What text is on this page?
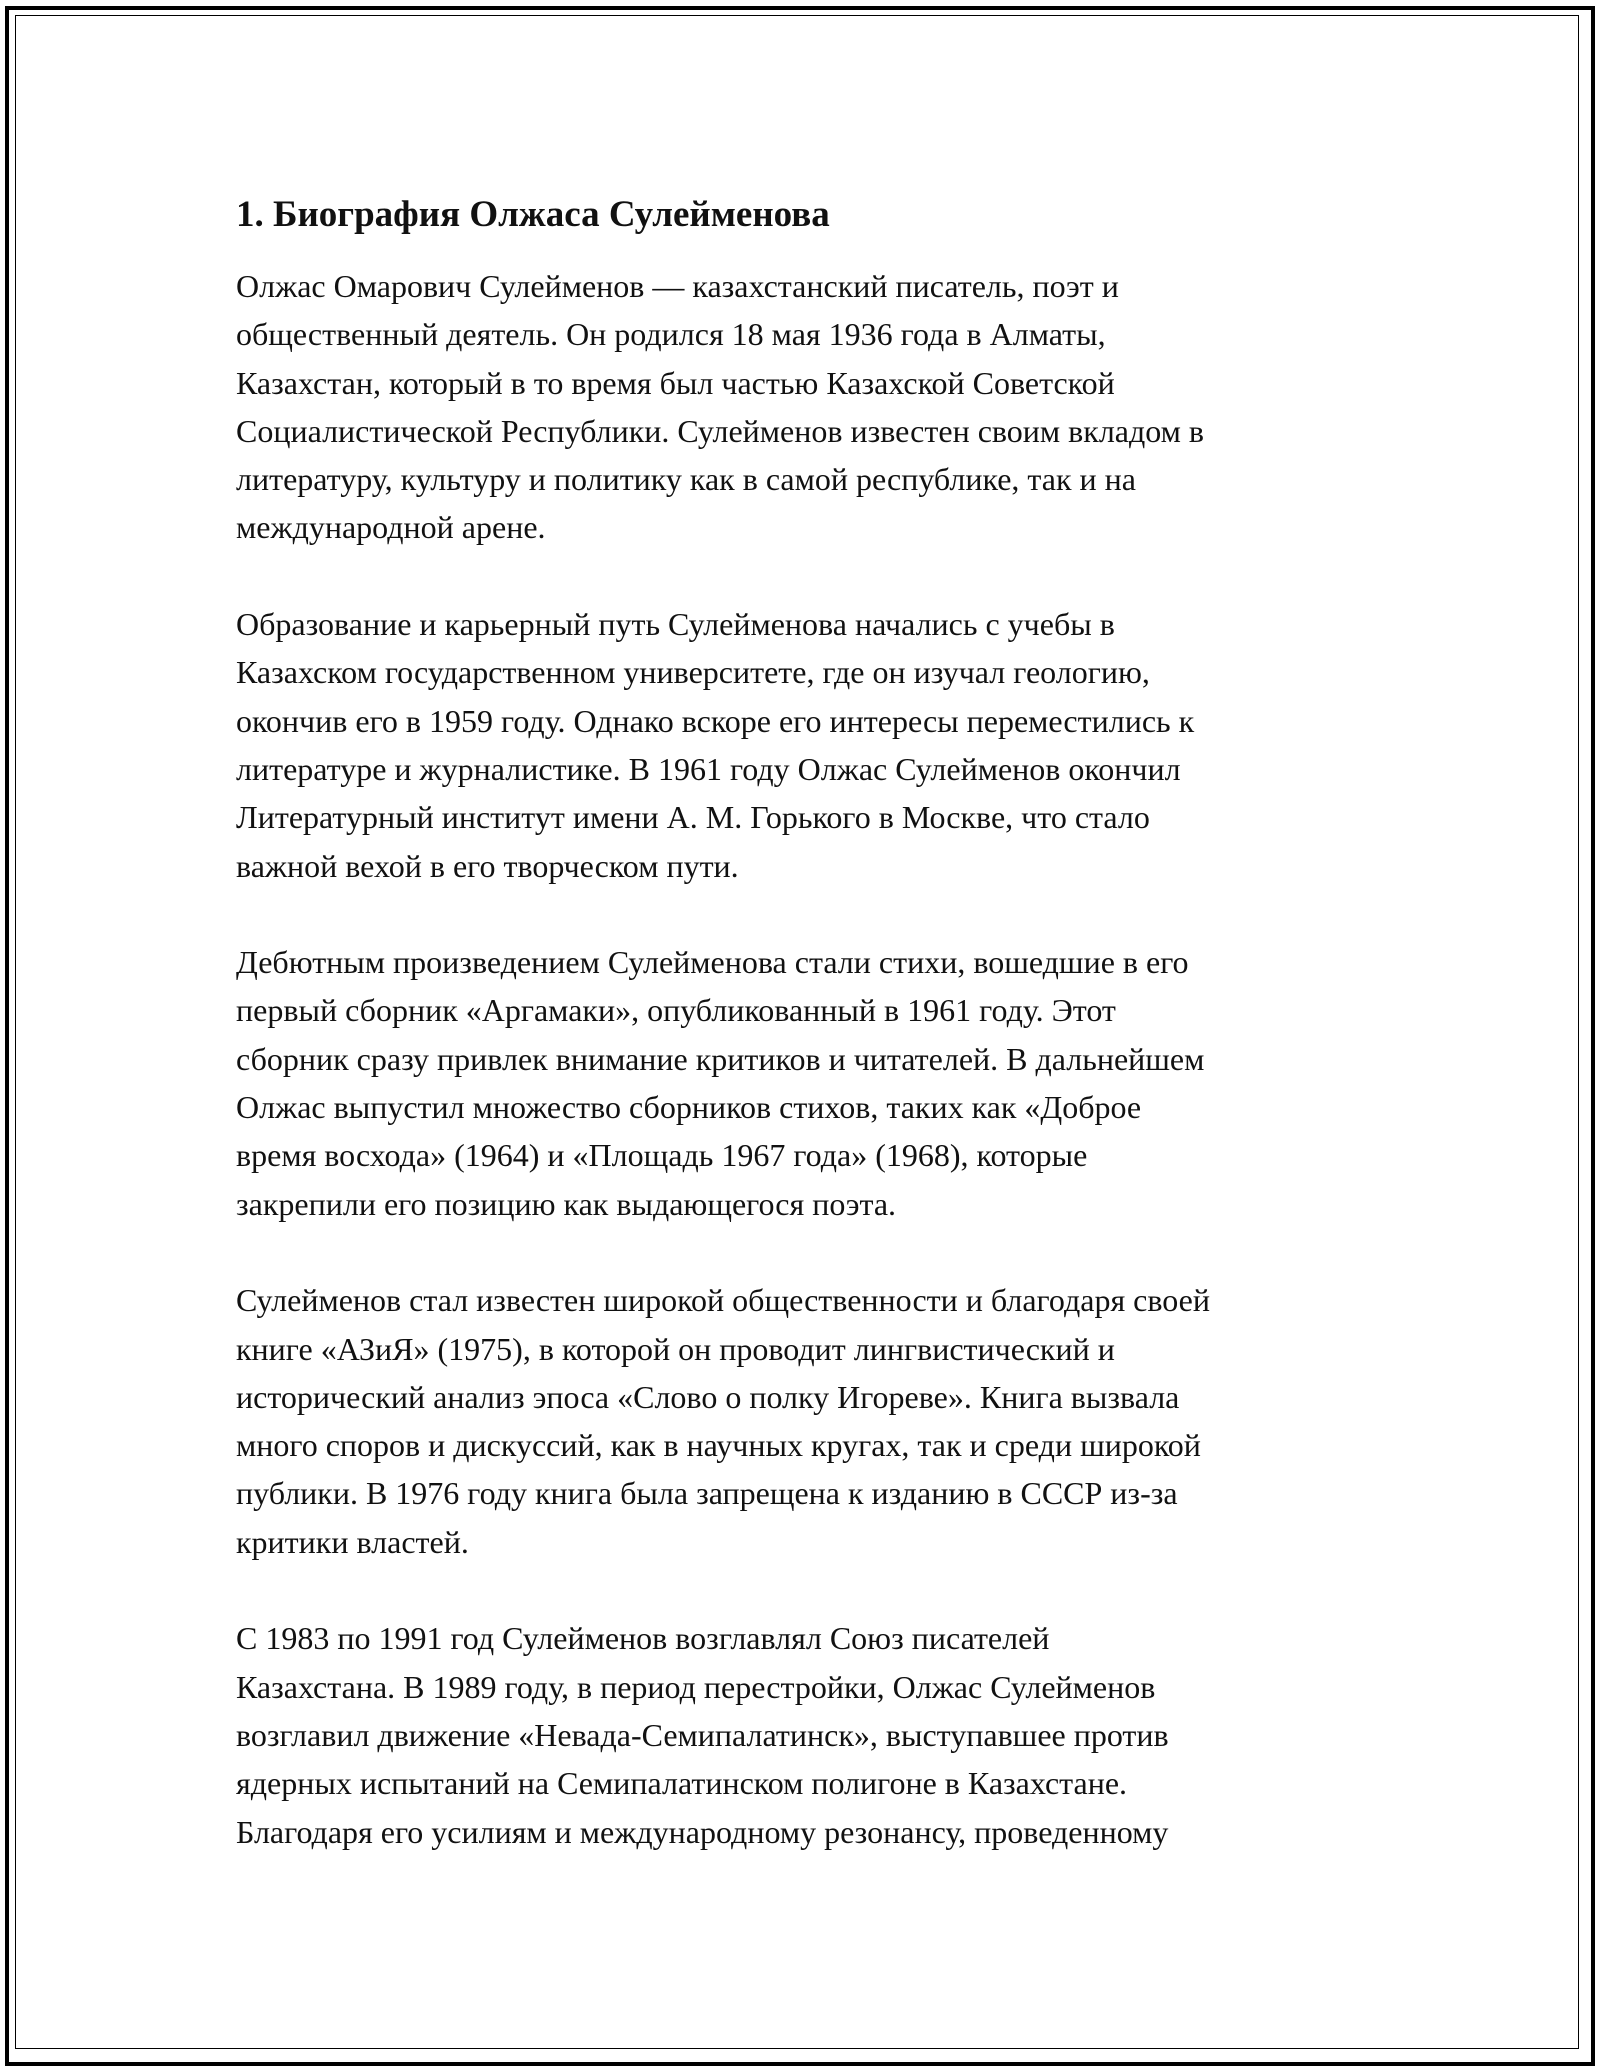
1. Биография Олжаса Сулейменова

Олжас Омарович Сулейменов — казахстанский писатель, поэт и
общественный деятель. Он родился 18 мая 1936 года в Алматы,
Казахстан, который в то время был частью Казахской Советской
Социалистической Республики. Сулейменов известен своим вкладом в
литературу, культуру и политику как в самой республике, так и на
международной арене.

Образование и карьерный путь Сулейменова начались с учебы в
Казахском государственном университете, где он изучал геологию,
окончив его в 1959 году. Однако вскоре его интересы переместились к
литературе и журналистике. В 1961 году Олжас Сулейменов окончил
Литературный институт имени А. М. Горького в Москве, что стало
важной вехой в его творческом пути.

Дебютным произведением Сулейменова стали стихи, вошедшие в его
первый сборник «Аргамаки», опубликованный в 1961 году. Этот
сборник сразу привлек внимание критиков и читателей. В дальнейшем
Олжас выпустил множество сборников стихов, таких как «Доброе
время восхода» (1964) и «Площадь 1967 года» (1968), которые
закрепили его позицию как выдающегося поэта.

Сулейменов стал известен широкой общественности и благодаря своей
книге «АЗиЯ» (1975), в которой он проводит лингвистический и
исторический анализ эпоса «Слово о полку Игореве». Книга вызвала
много споров и дискуссий, как в научных кругах, так и среди широкой
публики. В 1976 году книга была запрещена к изданию в СССР из-за
критики властей.

С 1983 по 1991 год Сулейменов возглавлял Союз писателей
Казахстана. В 1989 году, в период перестройки, Олжас Сулейменов
возглавил движение «Невада-Семипалатинск», выступавшее против
ядерных испытаний на Семипалатинском полигоне в Казахстане.
Благодаря его усилиям и международному резонансу, проведенному
